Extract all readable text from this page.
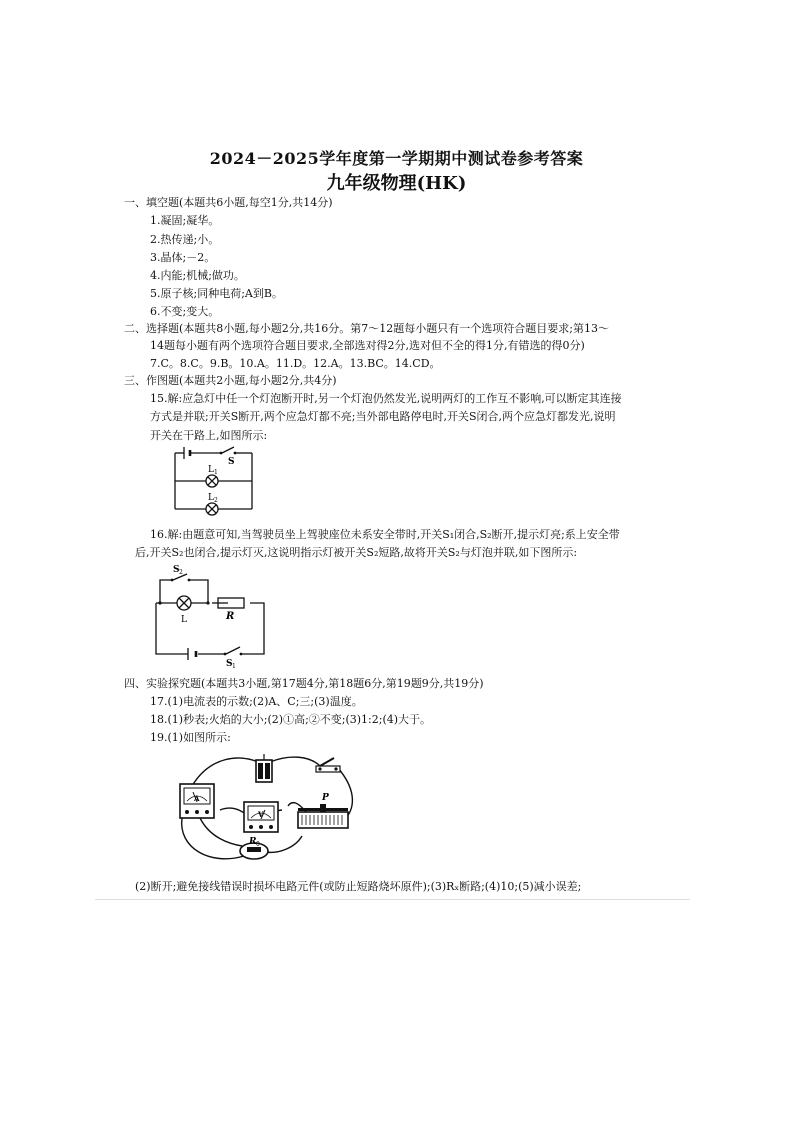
2024－2025学年度第一学期期中测试卷参考答案
九年级物理(HK)
一、填空题(本题共6小题,每空1分,共14分)
1.凝固;凝华。
2.热传递;小。
3.晶体;－2。
4.内能;机械;做功。
5.原子核;同种电荷;A到B。
6.不变;变大。
二、选择题(本题共8小题,每小题2分,共16分。第7～12题每小题只有一个选项符合题目要求;第13～
14题每小题有两个选项符合题目要求,全部选对得2分,选对但不全的得1分,有错选的得0分)
7.C。8.C。9.B。10.A。11.D。12.A。13.BC。14.CD。
三、作图题(本题共2小题,每小题2分,共4分)
15.解:应急灯中任一个灯泡断开时,另一个灯泡仍然发光,说明两灯的工作互不影响,可以断定其连接
方式是并联;开关S断开,两个应急灯都不亮;当外部电路停电时,开关S闭合,两个应急灯都发光,说明
开关在干路上,如图所示:
S
L 1
L 2
16.解:由题意可知,当驾驶员坐上驾驶座位未系安全带时,开关S₁闭合,S₂断开,提示灯亮;系上安全带
后,开关S₂也闭合,提示灯灭,这说明指示灯被开关S₂短路,故将开关S₂与灯泡并联,如下图所示:
S 2
L	R
S 1
四、实验探究题(本题共3小题,第17题4分,第18题6分,第19题9分,共19分)
17.(1)电流表的示数;(2)A、C;三;(3)温度。
18.(1)秒表;火焰的大小;(2)①高;②不变;(3)1:2;(4)大于。
19.(1)如图所示:
A
V
R 0
P
(2)断开;避免接线错误时损坏电路元件(或防止短路烧坏原件);(3)Rₓ断路;(4)10;(5)减小误差;
